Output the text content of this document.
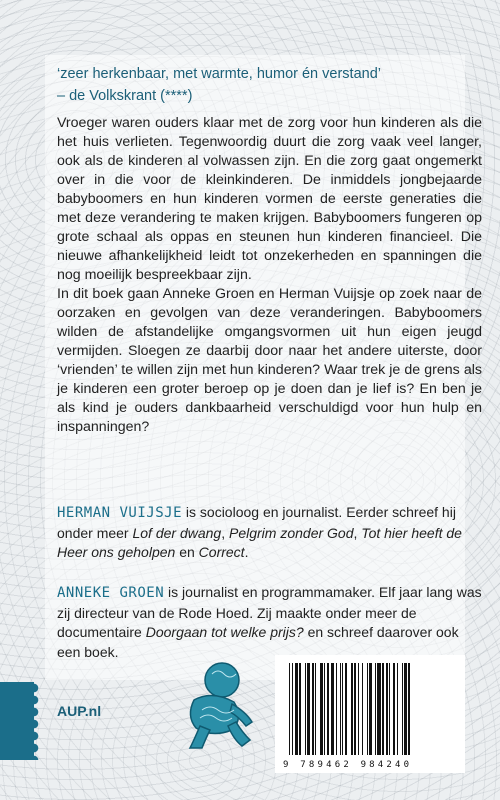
‘zeer herkenbaar, met warmte, humor én verstand’
– de Volkskrant (****)

Vroeger waren ouders klaar met de zorg voor hun kinderen als die het huis verlieten. Tegenwoordig duurt die zorg vaak veel langer, ook als de kinderen al volwassen zijn. En die zorg gaat ongemerkt over in die voor de kleinkinderen. De inmiddels jongbejaarde babyboomers en hun kinderen vormen de eerste generaties die met deze verandering te maken krijgen. Babyboomers fungeren op grote schaal als oppas en steunen hun kinderen financieel. Die nieuwe afhankelijkheid leidt tot onzekerheden en spanningen die nog moeilijk bespreekbaar zijn.

In dit boek gaan Anneke Groen en Herman Vuijsje op zoek naar de oorzaken en gevolgen van deze veranderingen. Babyboomers wilden de afstandelijke omgangsvormen uit hun eigen jeugd vermijden. Sloegen ze daarbij door naar het andere uiterste, door ‘vrienden’ te willen zijn met hun kinderen? Waar trek je de grens als je kinderen een groter beroep op je doen dan je lief is? En ben je als kind je ouders dankbaarheid verschuldigd voor hun hulp en inspanningen?

HERMAN VUIJSJE is socioloog en journalist. Eerder schreef hij onder meer Lof der dwang, Pelgrim zonder God, Tot hier heeft de Heer ons geholpen en Correct.
ANNEKE GROEN is journalist en programmamaker. Elf jaar lang was zij directeur van de Rode Hoed. Zij maakte onder meer de documentaire Doorgaan tot welke prijs? en schreef daarover ook een boek.
AUP.nl
9 789462 984240
